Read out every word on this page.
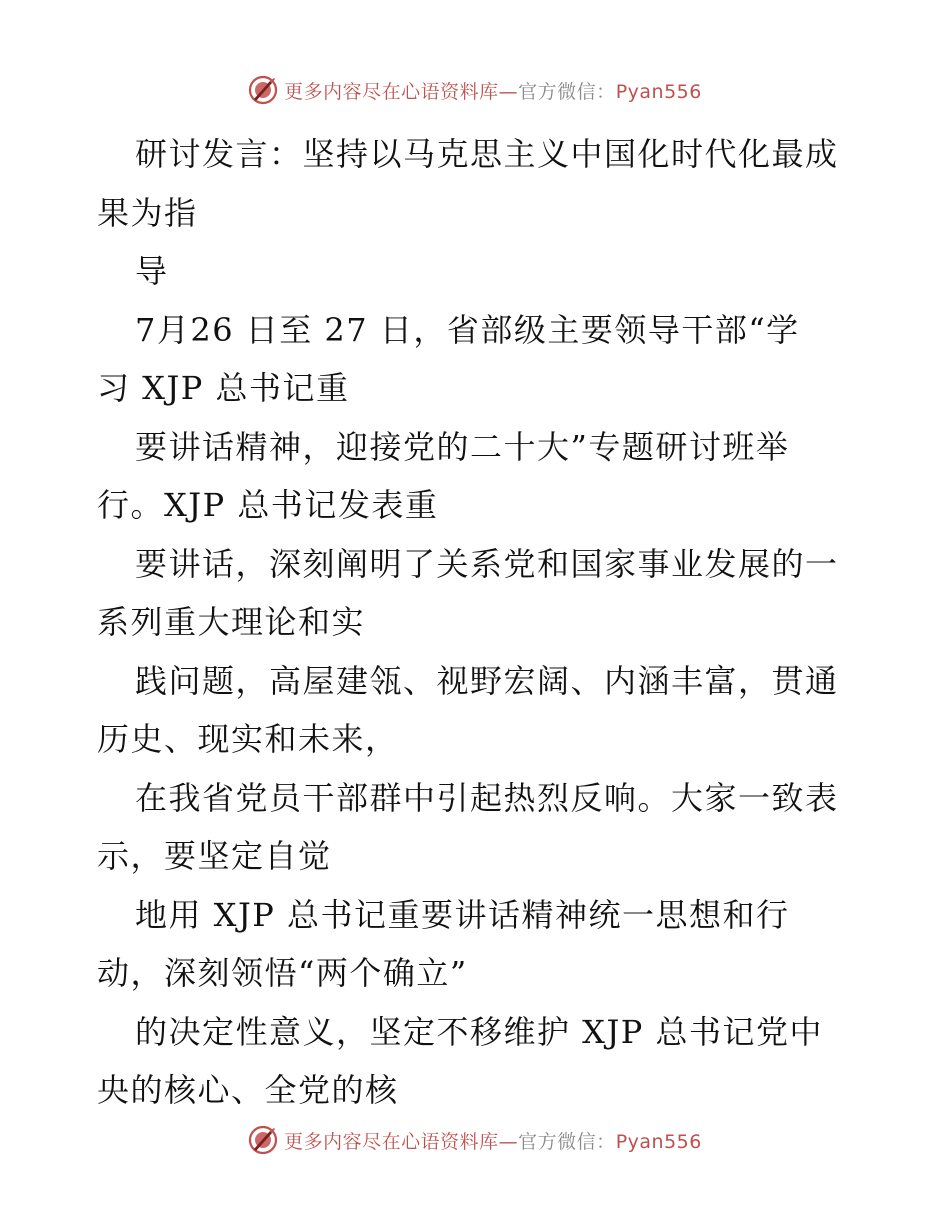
更多内容尽在心语资料库—官方微信：Pyan556
研讨发言：坚持以马克思主义中国化时代化最成
果为指
导
7月26 日至 27 日，省部级主要领导干部“学
习 XJP 总书记重
要讲话精神，迎接党的二十大”专题研讨班举
行。XJP 总书记发表重
要讲话，深刻阐明了关系党和国家事业发展的一
系列重大理论和实
践问题，高屋建瓴、视野宏阔、内涵丰富，贯通
历史、现实和未来，
在我省党员干部群中引起热烈反响。大家一致表
示，要坚定自觉
地用 XJP 总书记重要讲话精神统一思想和行
动，深刻领悟“两个确立”
的决定性意义，坚定不移维护 XJP 总书记党中
央的核心、全党的核
更多内容尽在心语资料库—官方微信：Pyan556
